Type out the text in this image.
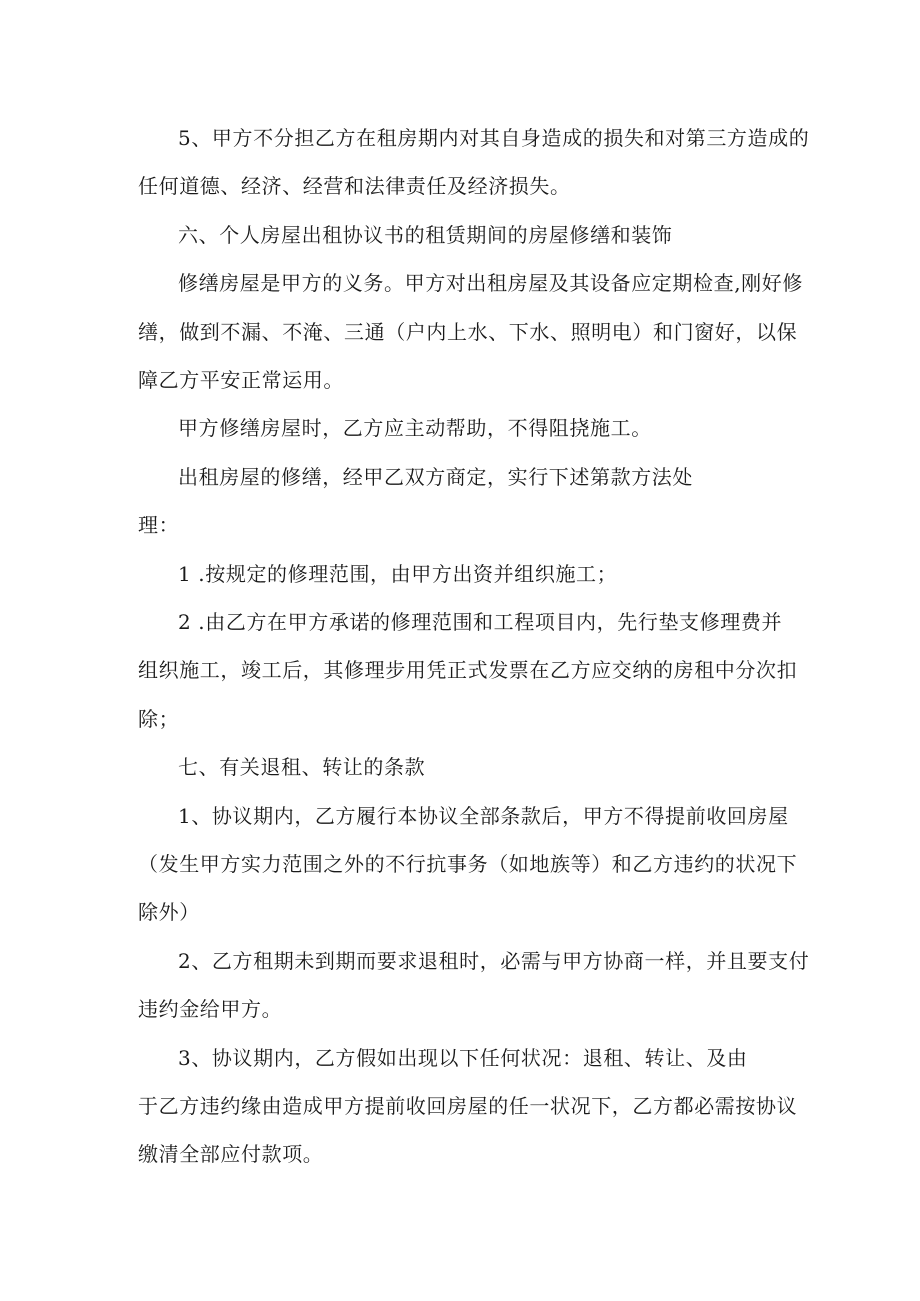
5、甲方不分担乙方在租房期内对其自身造成的损失和对第三方造成的
任何道德、经济、经营和法律责任及经济损失。
六、个人房屋出租协议书的租赁期间的房屋修缮和装饰
修缮房屋是甲方的义务。甲方对出租房屋及其设备应定期检查,刚好修
缮，做到不漏、不淹、三通（户内上水、下水、照明电）和门窗好，以保
障乙方平安正常运用。
甲方修缮房屋时，乙方应主动帮助，不得阻挠施工。
出租房屋的修缮，经甲乙双方商定，实行下述第款方法处
理：
1 .按规定的修理范围，由甲方出资并组织施工；
2 .由乙方在甲方承诺的修理范围和工程项目内，先行垫支修理费并
组织施工，竣工后，其修理步用凭正式发票在乙方应交纳的房租中分次扣
除；
七、有关退租、转让的条款
1、协议期内，乙方履行本协议全部条款后，甲方不得提前收回房屋
（发生甲方实力范围之外的不行抗事务（如地族等）和乙方违约的状况下
除外）
2、乙方租期未到期而要求退租时，必需与甲方协商一样，并且要支付
违约金给甲方。
3、协议期内，乙方假如出现以下任何状况：退租、转让、及由
于乙方违约缘由造成甲方提前收回房屋的任一状况下，乙方都必需按协议
缴清全部应付款项。
